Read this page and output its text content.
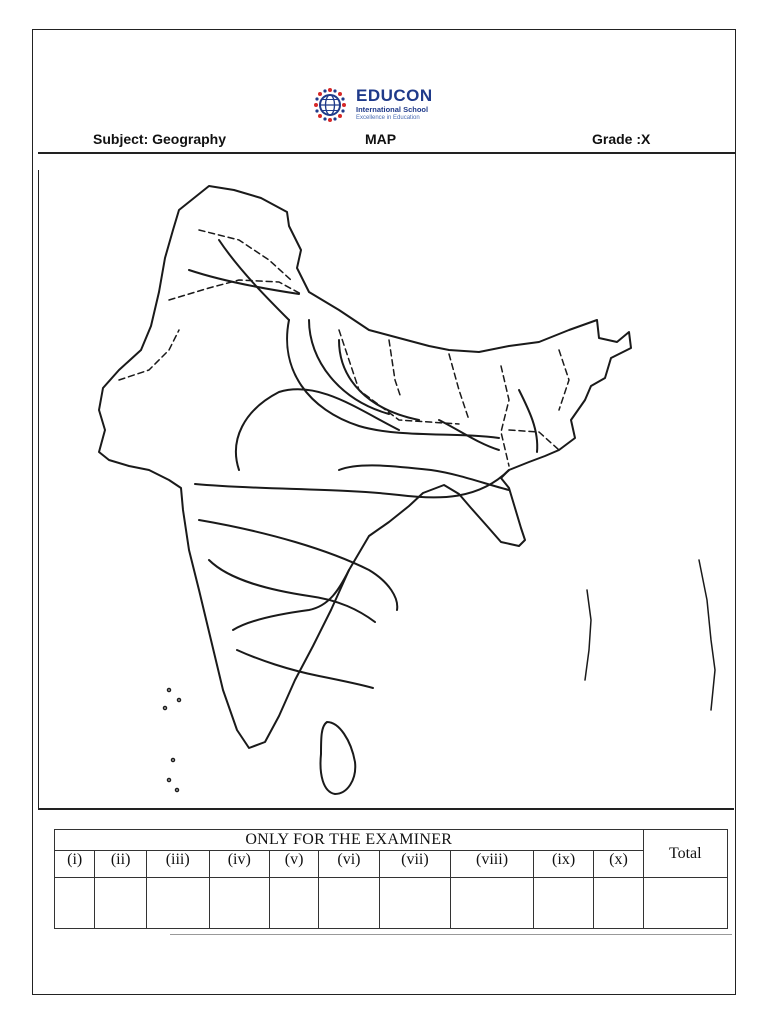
EDUCON
International School
Excellence in Education
Subject: Geography	MAP	Grade :X
ONLY FOR THE EXAMINER										Total
(i)	(ii)	(iii)	(iv)	(v)	(vi)	(vii)	(viii)	(ix)	(x)	
